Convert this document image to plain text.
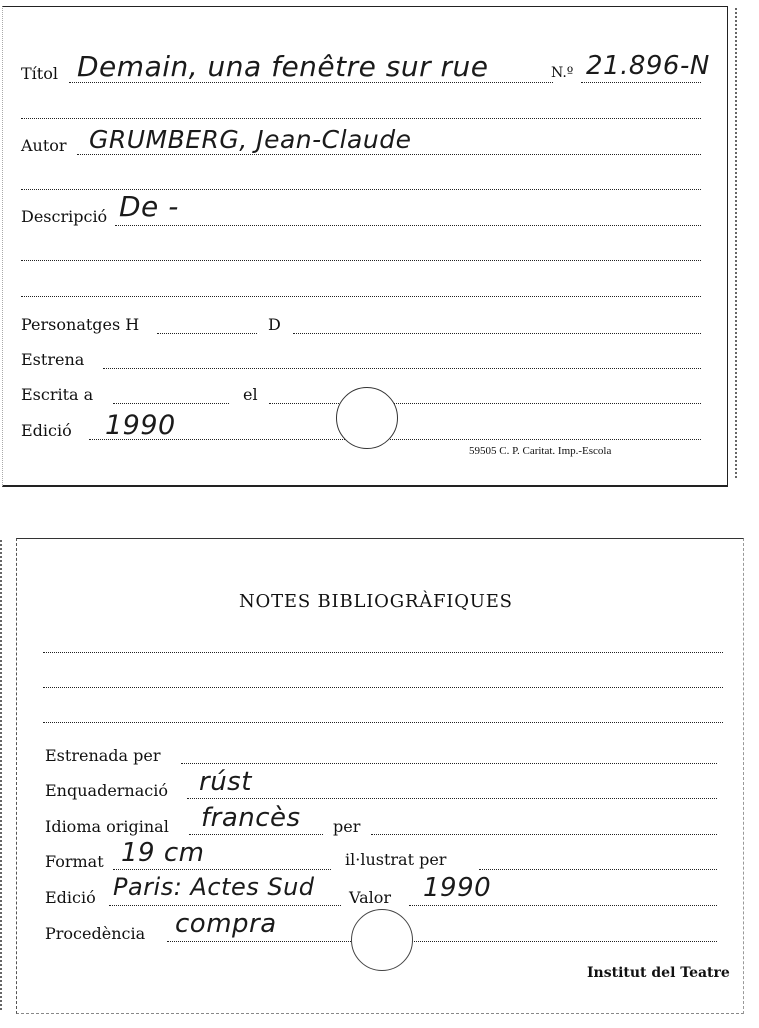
Títol Demain, una fenêtre sur rue	N.º 21.896-N
Autor GRUMBERG, Jean-Claude
Descripció De -
Personatges H	D
Estrena
Escrita a	el
Edició 1990
59505 C. P. Caritat. Imp.-Escola
NOTES BIBLIOGRÀFIQUES
Estrenada per
Enquadernació rúst
Idioma original francès per
Format 19 cm	il·lustrat per
Edició Paris: Actes Sud Valor 1990
Procedència compra
Institut del Teatre
